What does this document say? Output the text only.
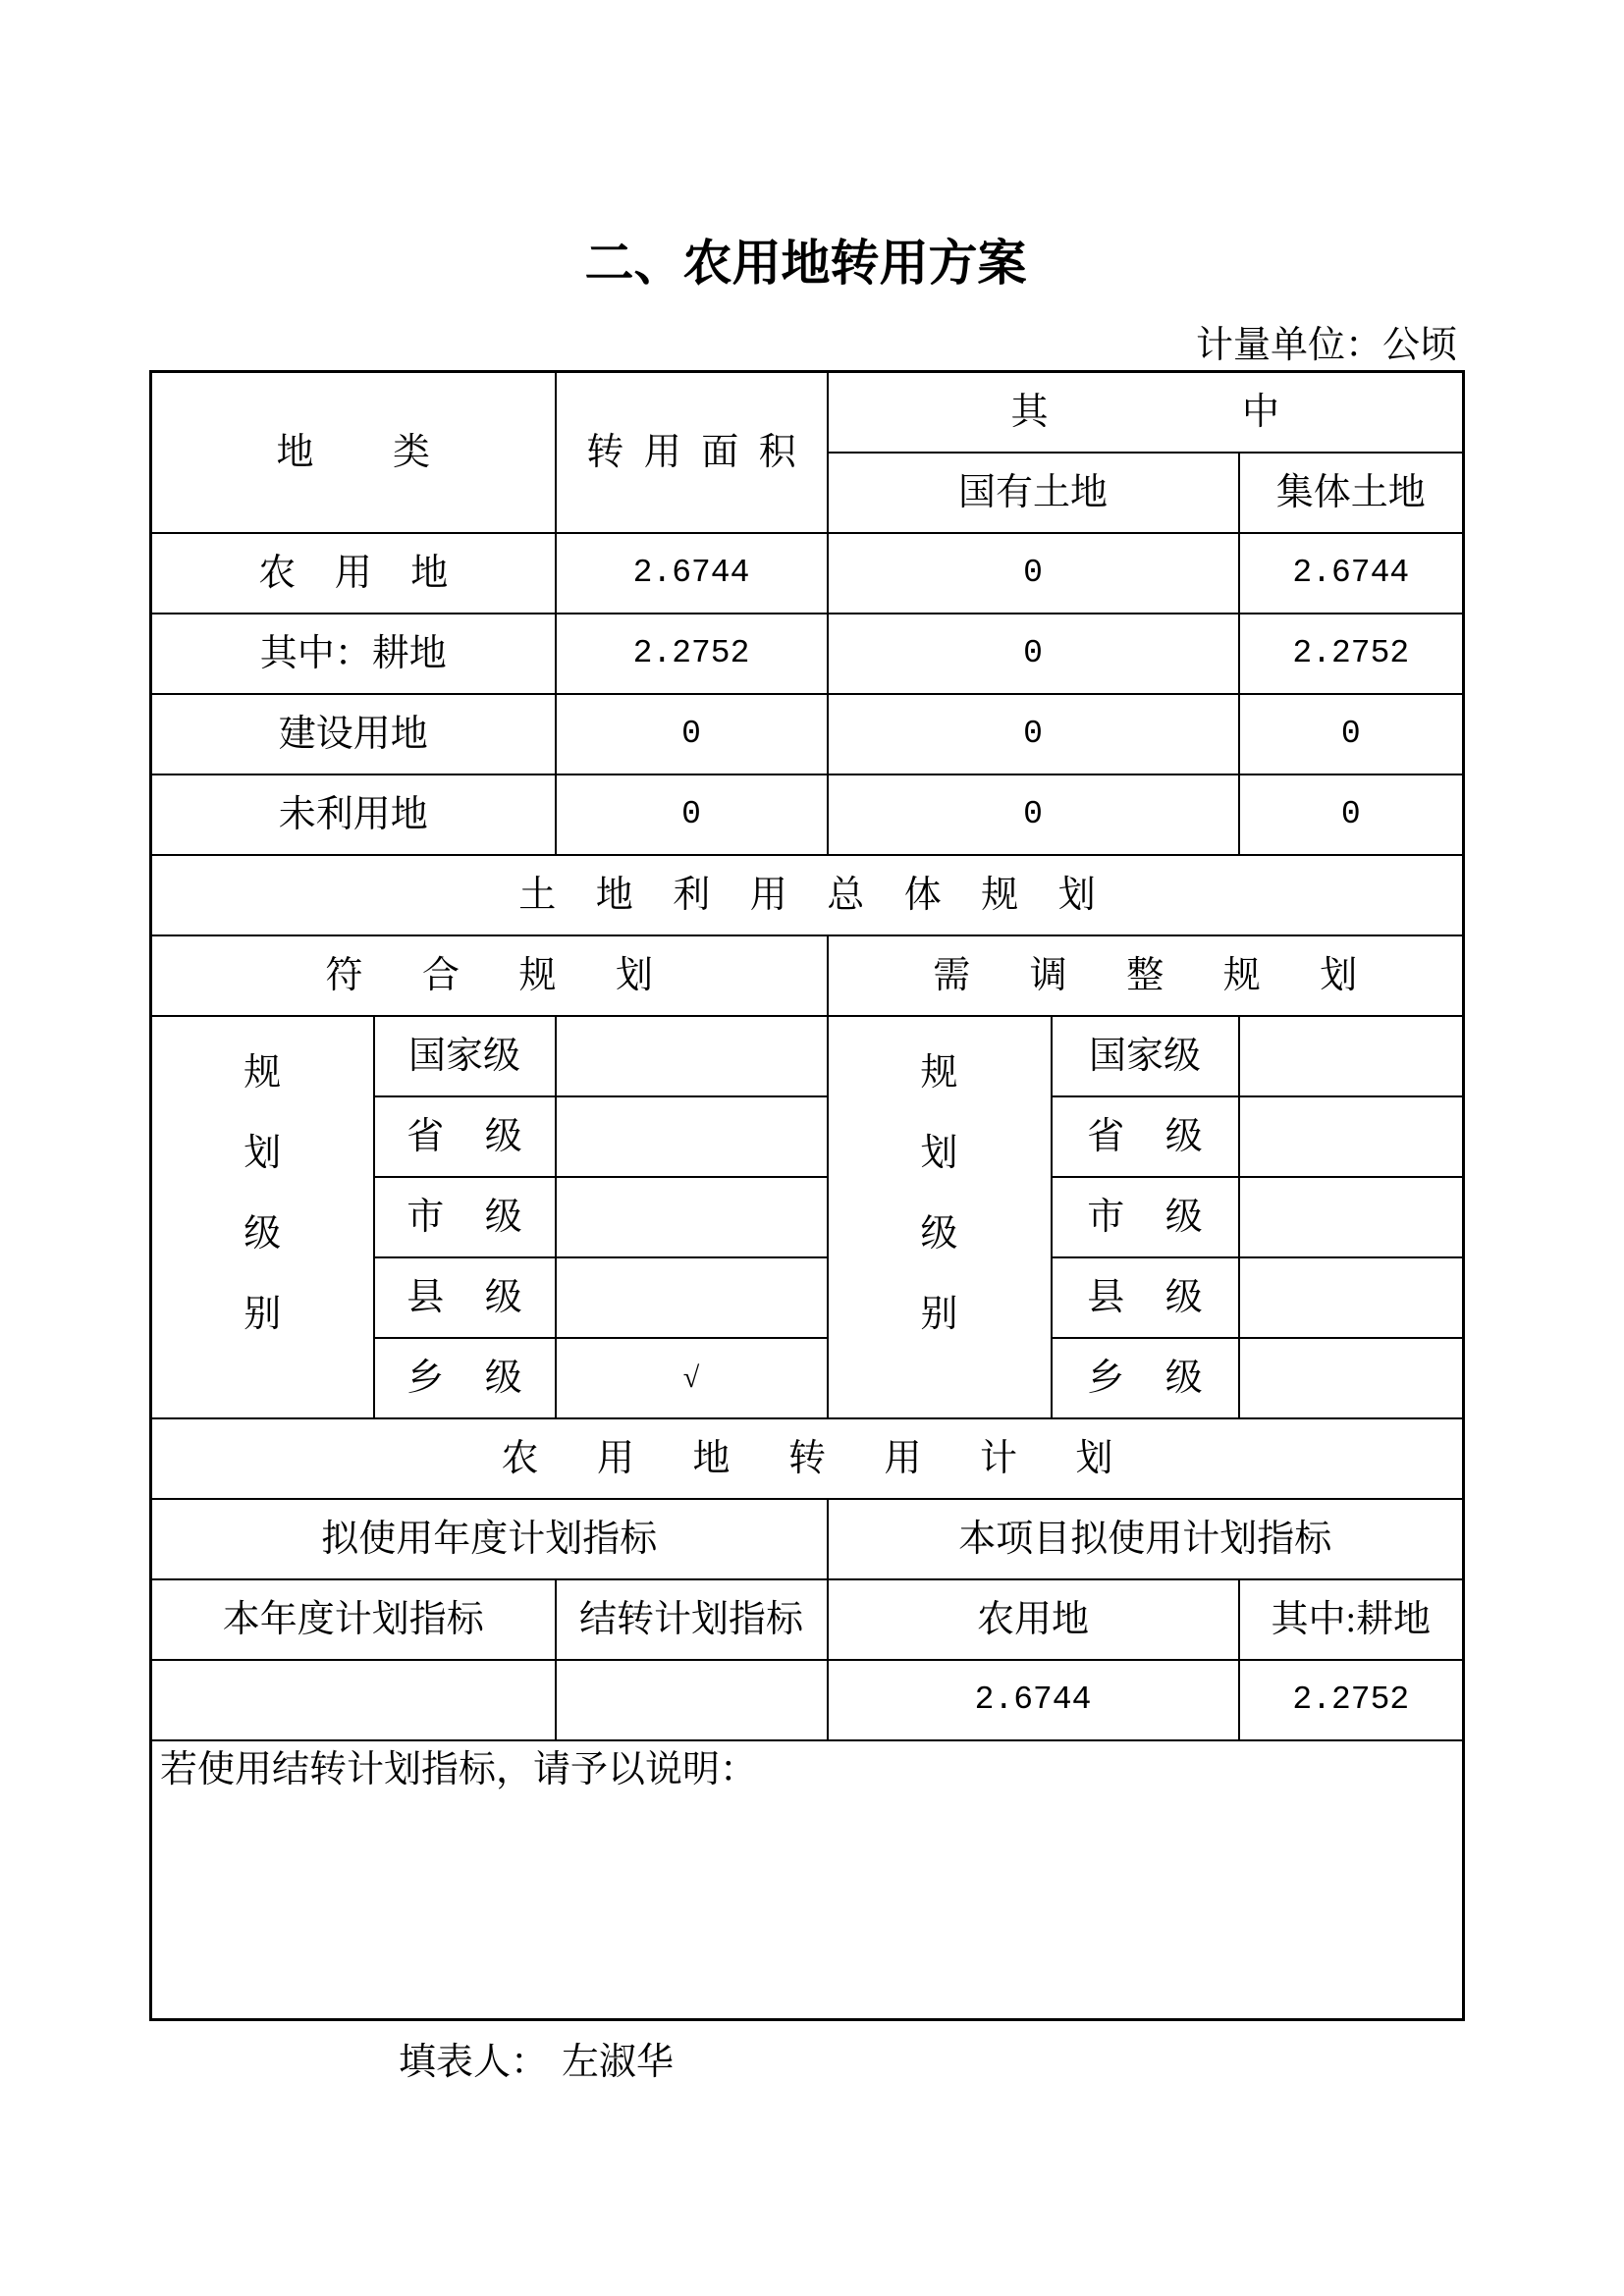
二、农用地转用方案
计量单位：公顷
地 类		转 用 面 积	其 中		
			国有土地		集体土地
农 用 地		2.6744	0		2.6744
其中：耕地		2.2752	0		2.2752
建设用地		0	0		0
未利用地		0	0		0
土 地 利 用 总 体 规 划					
符 合 规 划			需 调 整 规 划		
规划级别	国家级		规划级别	国家级	
	省 级			省 级	
	市 级			市 级	
	县 级			县 级	
	乡 级	√		乡 级	
农 用 地 转 用 计 划					
拟使用年度计划指标			本项目拟使用计划指标		
本年度计划指标		结转计划指标	农用地		其中:耕地
			2.6744		2.2752

若使用结转计划指标，请予以说明：					
填表人： 左淑华
